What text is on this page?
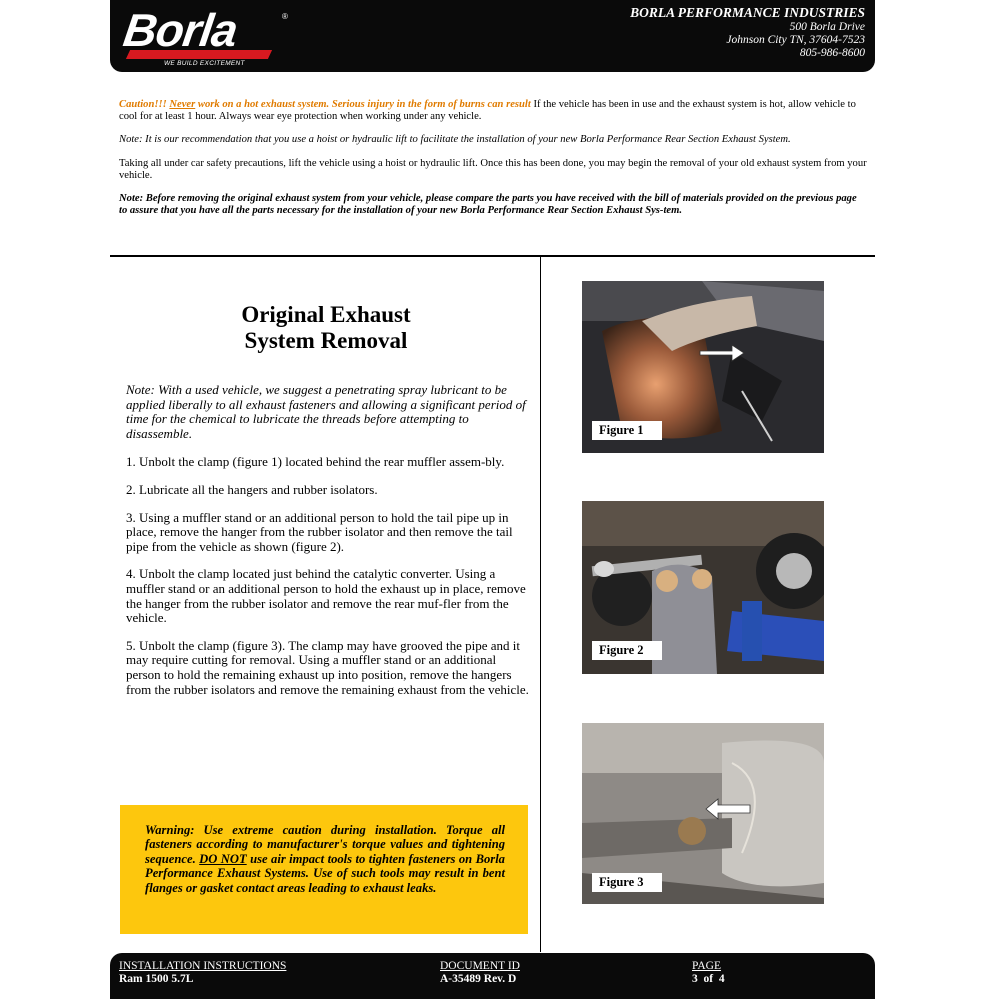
Borla	®
WE BUILD EXCITEMENT
BORLA PERFORMANCE INDUSTRIES
500 Borla Drive
Johnson City TN, 37604-7523
805-986-8600

Caution!!! Never work on a hot exhaust system. Serious injury in the form of burns can result If the vehicle has been in use and the exhaust system is hot, allow vehicle to cool for at least 1 hour. Always wear eye protection when working under any vehicle.

Note: It is our recommendation that you use a hoist or hydraulic lift to facilitate the installation of your new Borla Performance Rear Section Exhaust System.

Taking all under car safety precautions, lift the vehicle using a hoist or hydraulic lift. Once this has been done, you may begin the removal of your old exhaust system from your vehicle.

Note: Before removing the original exhaust system from your vehicle, please compare the parts you have received with the bill of materials provided on the previous page to assure that you have all the parts necessary for the installation of your new Borla Performance Rear Section Exhaust Sys-tem.

Original Exhaust
System Removal

Note: With a used vehicle, we suggest a penetrating spray lubricant to be applied liberally to all exhaust fasteners and allowing a significant period of time for the chemical to lubricate the threads before attempting to disassemble.

1. Unbolt the clamp (figure 1) located behind the rear muffler assem-bly.

2. Lubricate all the hangers and rubber isolators.

3. Using a muffler stand or an additional person to hold the tail pipe up in place, remove the hanger from the rubber isolator and then remove the tail pipe from the vehicle as shown (figure 2).

4. Unbolt the clamp located just behind the catalytic converter. Using a muffler stand or an additional person to hold the exhaust up in place, remove the hanger from the rubber isolator and remove the rear muf-fler from the vehicle.

5. Unbolt the clamp (figure 3). The clamp may have grooved the pipe and it may require cutting for removal. Using a muffler stand or an additional person to hold the remaining exhaust up into position, remove the hangers from the rubber isolators and remove the remaining exhaust from the vehicle.

Warning: Use extreme caution during installation. Torque all fasteners according to manufacturer's torque values and tightening sequence. DO NOT use air impact tools to tighten fasteners on Borla Performance Exhaust Systems. Use of such tools may result in bent flanges or gasket contact areas leading to exhaust leaks.

Figure 1
Figure 2
Figure 3
INSTALLATION INSTRUCTIONS
Ram 1500 5.7L
DOCUMENT ID
A-35489 Rev. D
PAGE
3  of  4
